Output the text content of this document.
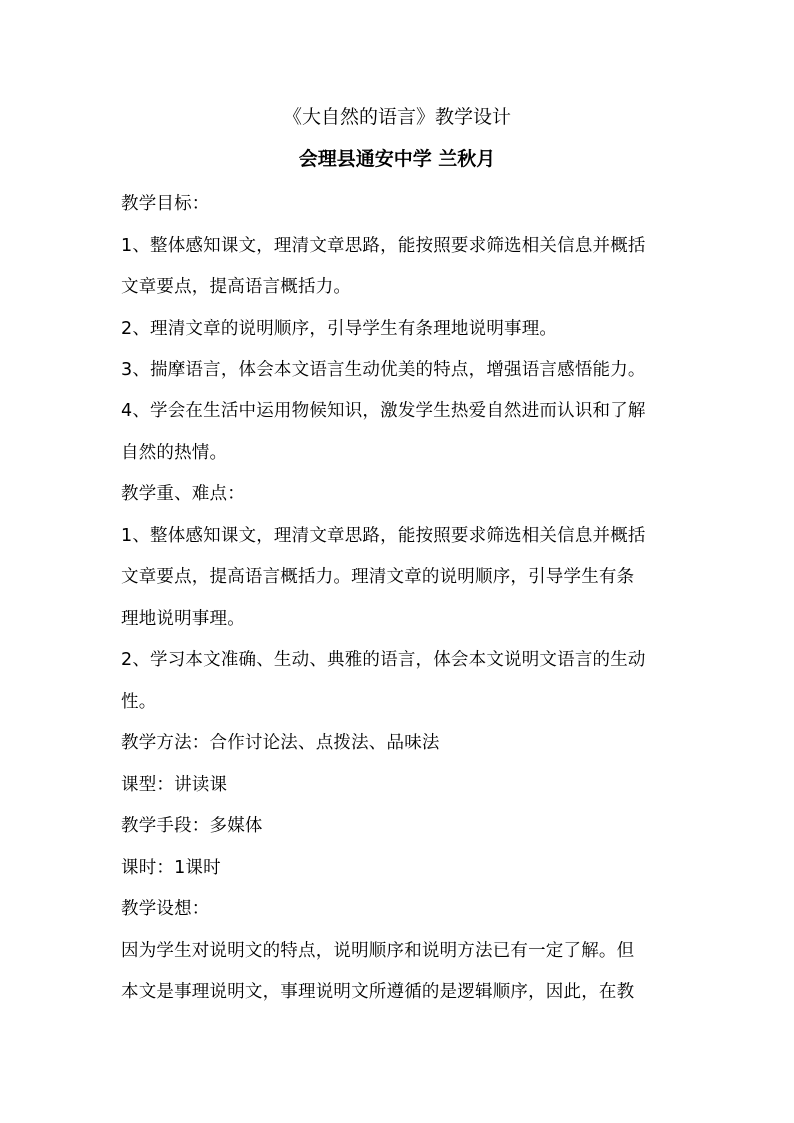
《大自然的语言》教学设计
会理县通安中学 兰秋月
教学目标：
1、整体感知课文，理清文章思路，能按照要求筛选相关信息并概括
文章要点，提高语言概括力。
2、理清文章的说明顺序，引导学生有条理地说明事理。
3、揣摩语言，体会本文语言生动优美的特点，增强语言感悟能力。
4、学会在生活中运用物候知识，激发学生热爱自然进而认识和了解
自然的热情。
教学重、难点：
1、整体感知课文，理清文章思路，能按照要求筛选相关信息并概括
文章要点，提高语言概括力。理清文章的说明顺序，引导学生有条
理地说明事理。
2、学习本文准确、生动、典雅的语言，体会本文说明文语言的生动
性。
教学方法：合作讨论法、点拨法、品味法
课型：讲读课
教学手段：多媒体
课时：1课时
教学设想：
因为学生对说明文的特点，说明顺序和说明方法已有一定了解。但
本文是事理说明文，事理说明文所遵循的是逻辑顺序，因此，在教
